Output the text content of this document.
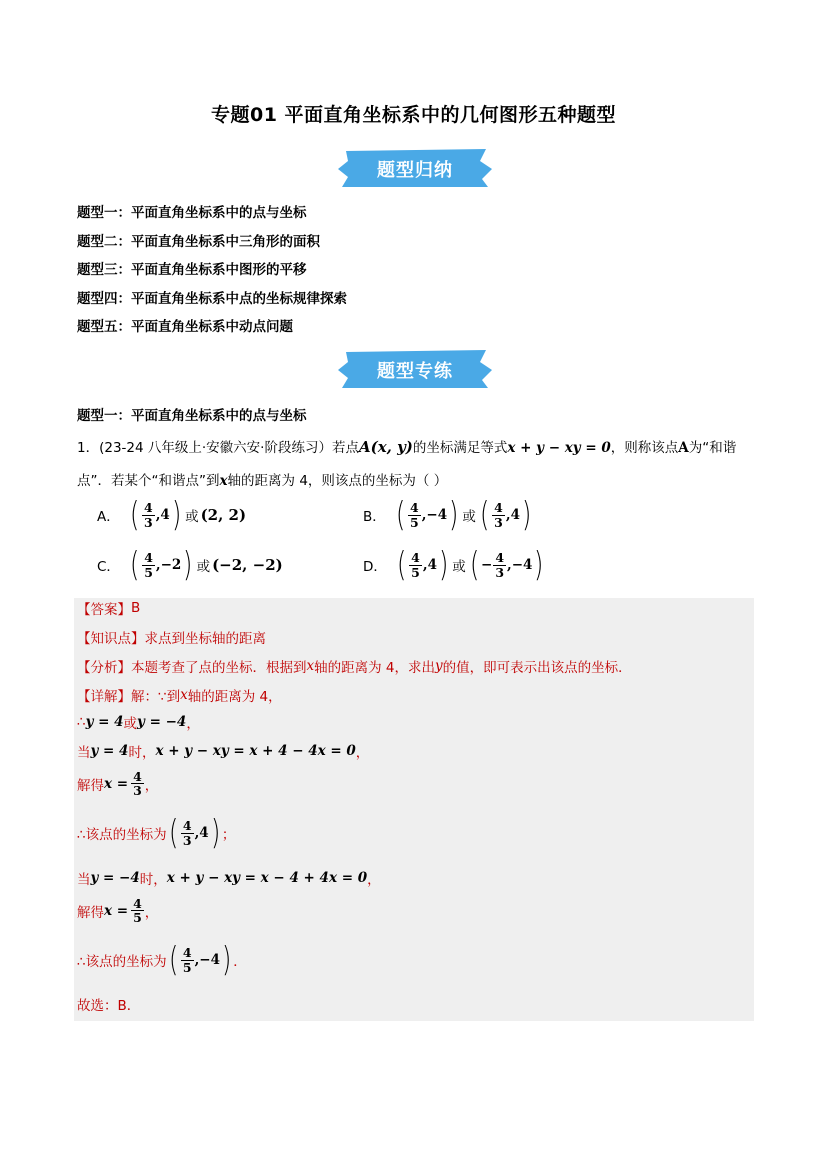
专题01 平面直角坐标系中的几何图形五种题型
题型归纳
题型一：平面直角坐标系中的点与坐标
题型二：平面直角坐标系中三角形的面积
题型三：平面直角坐标系中图形的平移
题型四：平面直角坐标系中点的坐标规律探索
题型五：平面直角坐标系中动点问题
题型专练
题型一：平面直角坐标系中的点与坐标
1．(23-24 八年级上·安徽六安·阶段练习）若点A(x, y)的坐标满足等式x + y − xy = 0，则称该点A为“和谐
点”．若某个“和谐点”到x轴的距离为 4，则该点的坐标为（ ）
A． ( $\frac{4}{3} ,4$ ) 或 (2, 2)	B． ( $\frac{4}{5} ,-4$ ) 或 ( $\frac{4}{3} ,4$ )
C． ( $\frac{4}{5} ,-2$ ) 或 (−2, −2)	D． ( $\frac{4}{5} ,4$ ) 或 ( − $\frac{4}{3} ,-4$ )
【答案】 B
【知识点】 求点到坐标轴的距离
【分析】 本题考查了点的坐标．根据到 x 轴的距离为 4，求出 y 的值，即可表示出该点的坐标．
【详解】 解：∵到 x 轴的距离为 4，
∴ y = 4 或 y = −4 ，
当 y = 4 时， x + y − xy = x + 4 − 4x = 0 ，
解得 $x = \frac{4}{3}$ ，
∴该点的坐标为 ( $\frac{4}{3} ,4$ ) ；
当 y = −4 时， x + y − xy = x − 4 + 4x = 0 ，
解得 $x = \frac{4}{5}$ ，
∴该点的坐标为 ( $\frac{4}{5} ,-4$ ) ．
故选：B．
